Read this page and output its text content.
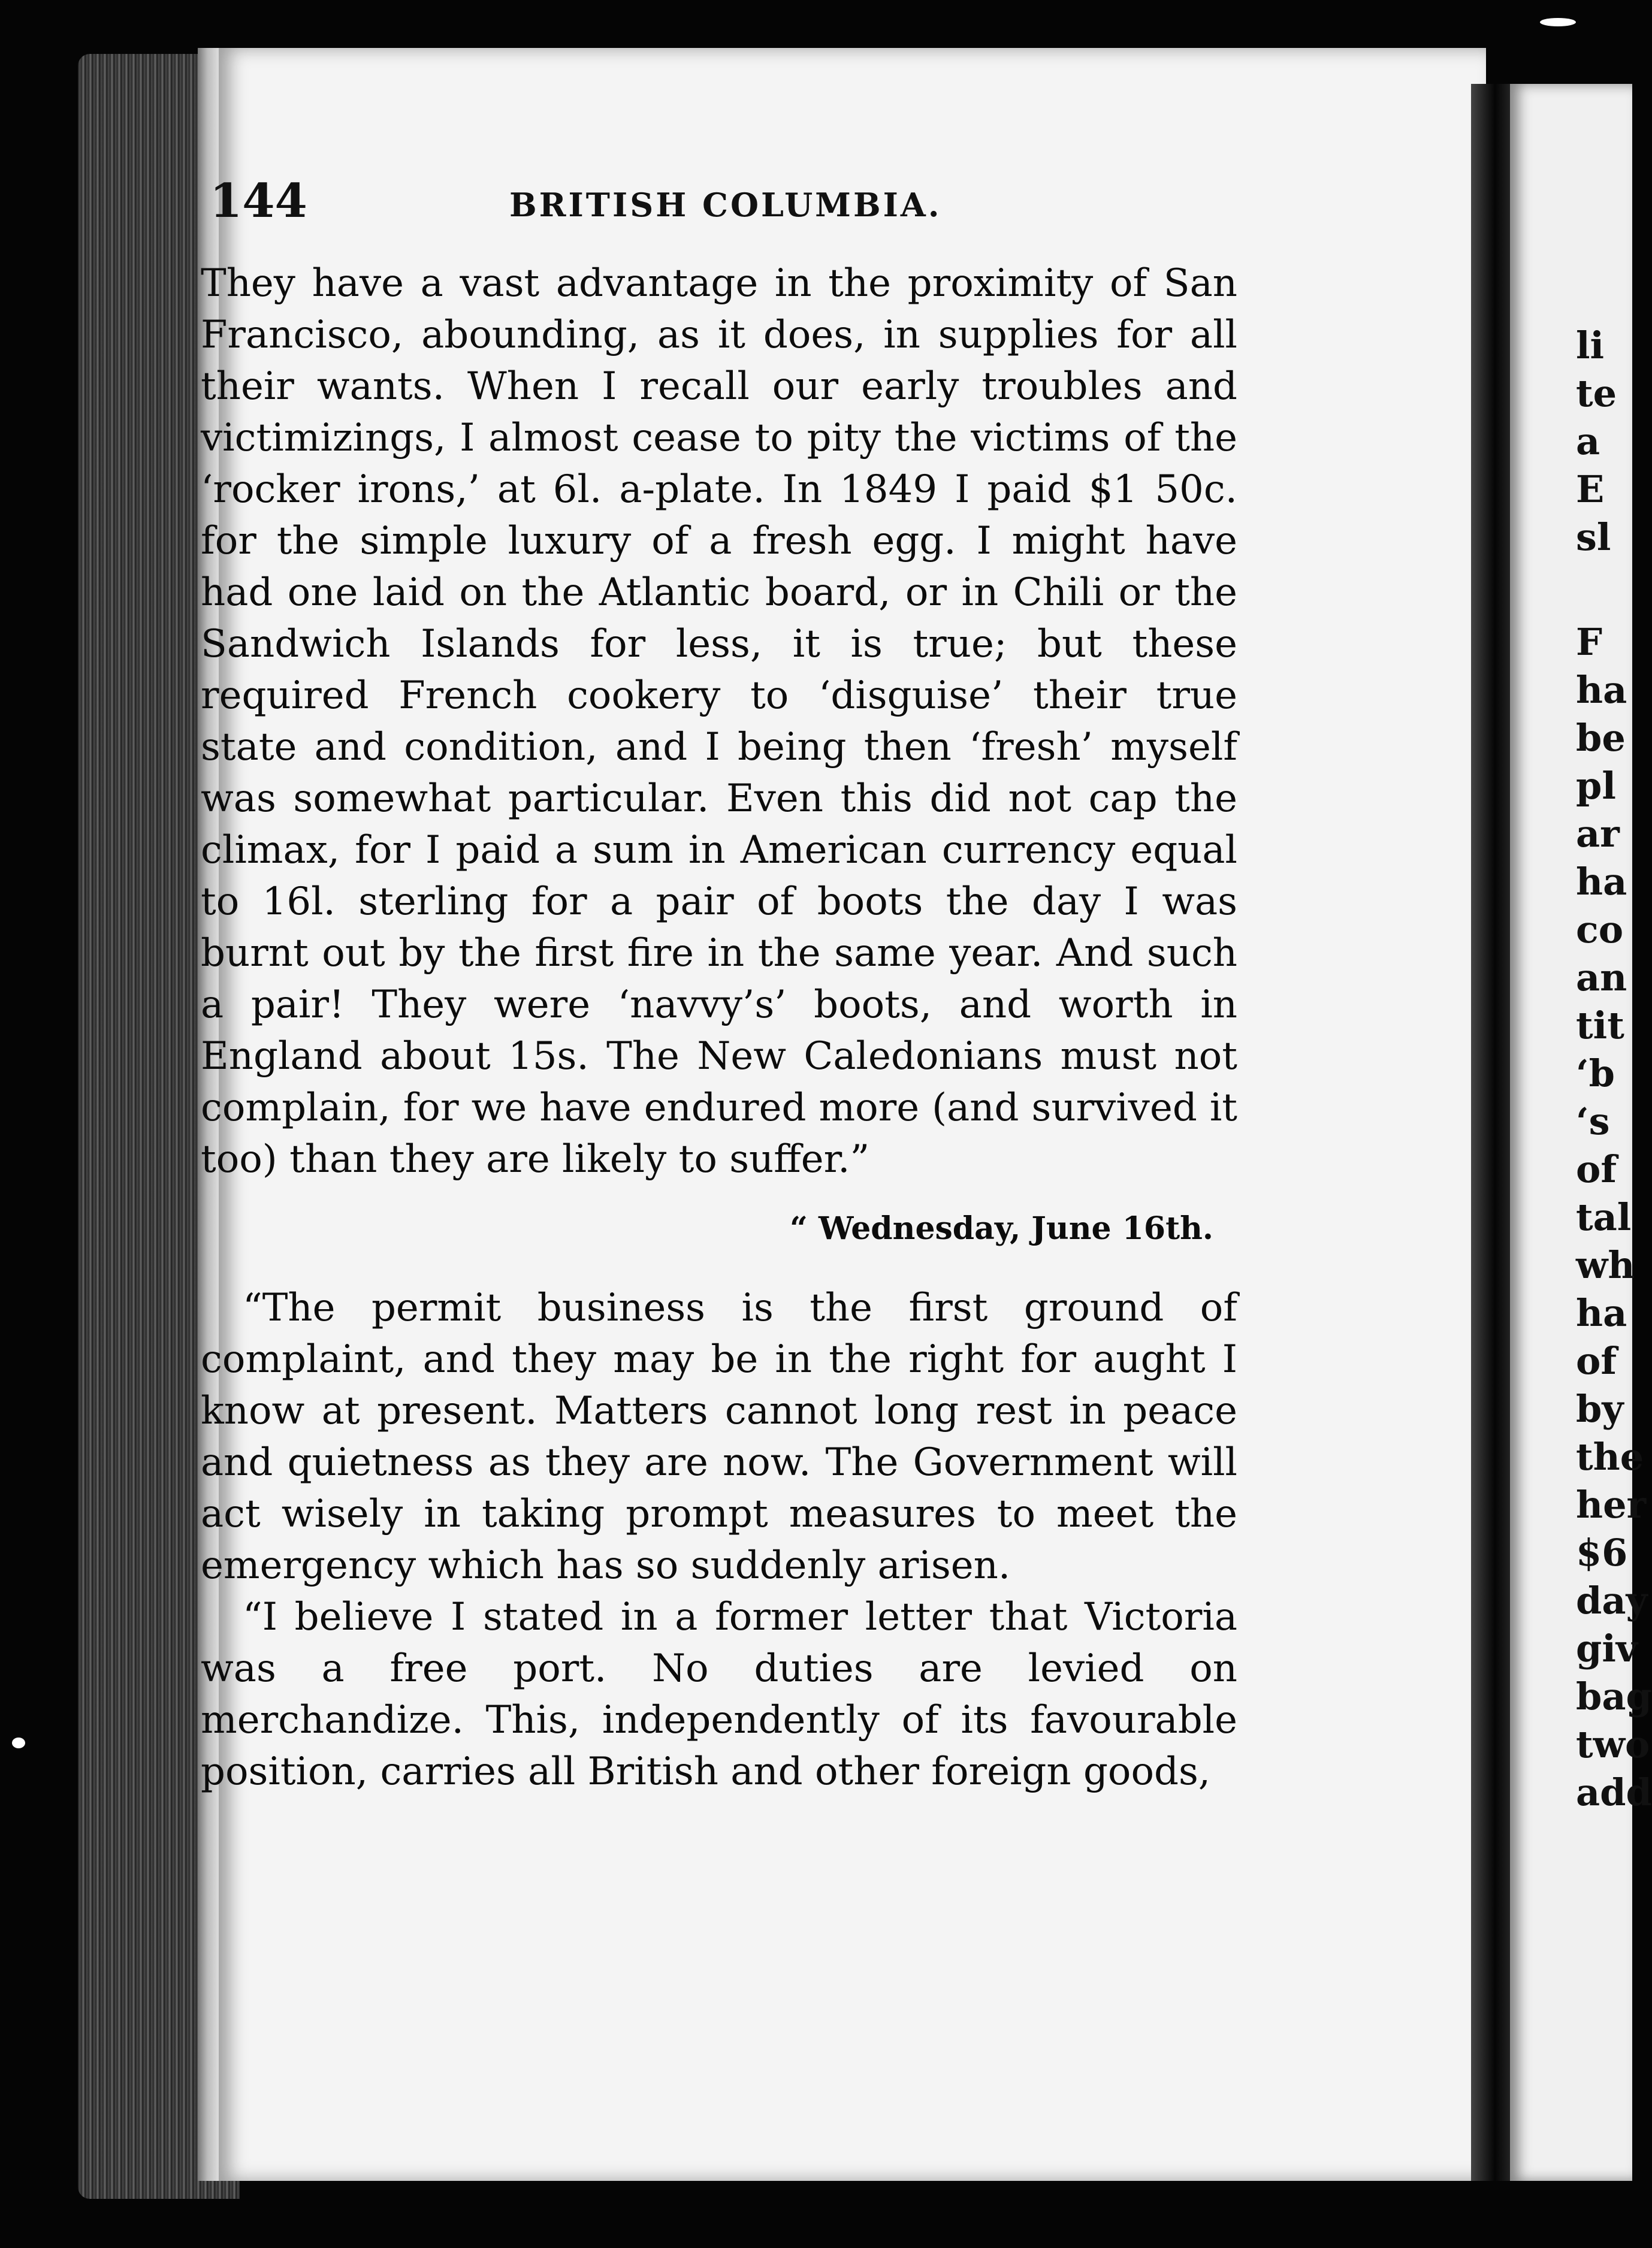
144	BRITISH COLUMBIA.

They have a vast advantage in the proximity of San Francisco, abounding, as it does, in supplies for all their wants. When I recall our early troubles and victimizings, I almost cease to pity the victims of the ‘rocker irons,’ at 6l. a-plate. In 1849 I paid $1 50c. for the simple luxury of a fresh egg. I might have had one laid on the Atlantic board, or in Chili or the Sandwich Islands for less, it is true; but these required French cookery to ‘disguise’ their true state and condition, and I being then ‘fresh’ myself was somewhat particular. Even this did not cap the climax, for I paid a sum in American currency equal to 16l. sterling for a pair of boots the day I was burnt out by the first fire in the same year. And such a pair! They were ‘navvy’s’ boots, and worth in England about 15s. The New Caledonians must not complain, for we have endured more (and survived it too) than they are likely to suffer.”

“ Wednesday, June 16th.

“The permit business is the first ground of complaint, and they may be in the right for aught I know at present. Matters cannot long rest in peace and quietness as they are now. The Government will act wisely in taking prompt measures to meet the emergency which has so suddenly arisen.

“I believe I stated in a former letter that Victoria was a free port. No duties are levied on merchandize. This, independently of its favourable position, carries all British and other foreign goods,

li
te
a
E
sl
F
ha
be
pl
ar
ha
co
an
tit
‘b
‘s
of
tal
wh
ha
of
by
the
her
$6
day
giv
bag
two
add
